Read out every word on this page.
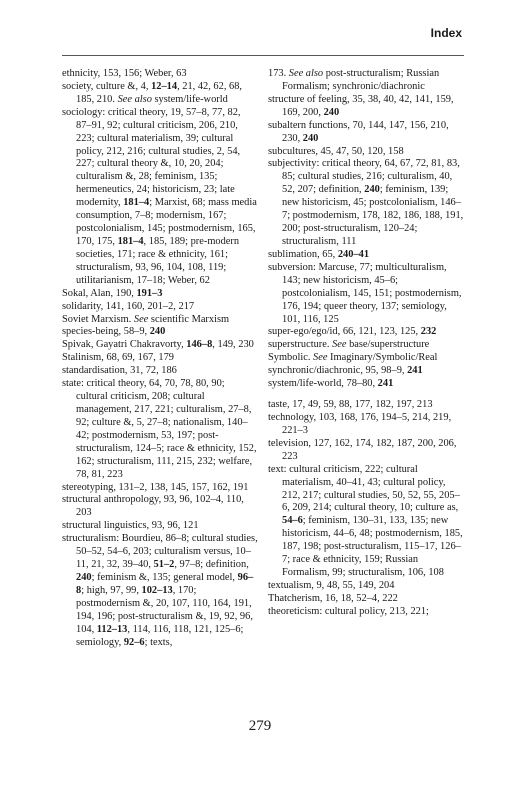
Index
ethnicity, 153, 156; Weber, 63
society, culture &, 4, 12–14, 21, 42, 62, 68, 185, 210. See also system/life-world
sociology: critical theory, 19, 57–8, 77, 82, 87–91, 92; cultural criticism, 206, 210, 223; cultural materialism, 39; cultural policy, 212, 216; cultural studies, 2, 54, 227; cultural theory &, 10, 20, 204; culturalism &, 28; feminism, 135; hermeneutics, 24; historicism, 23; late modernity, 181–4; Marxist, 68; mass media consumption, 7–8; modernism, 167; postcolonialism, 145; postmodernism, 165, 170, 175, 181–4, 185, 189; pre-modern societies, 171; race & ethnicity, 161; structuralism, 93, 96, 104, 108, 119; utilitarianism, 17–18; Weber, 62
Sokal, Alan, 190, 191–3
solidarity, 141, 160, 201–2, 217
Soviet Marxism. See scientific Marxism
species-being, 58–9, 240
Spivak, Gayatri Chakravorty, 146–8, 149, 230
Stalinism, 68, 69, 167, 179
standardisation, 31, 72, 186
state: critical theory, 64, 70, 78, 80, 90; cultural criticism, 208; cultural management, 217, 221; culturalism, 27–8, 92; culture &, 5, 27–8; nationalism, 140–42; postmodernism, 53, 197; post-structuralism, 124–5; race & ethnicity, 152, 162; structuralism, 111, 215, 232; welfare, 78, 81, 223
stereotyping, 131–2, 138, 145, 157, 162, 191
structural anthropology, 93, 96, 102–4, 110, 203
structural linguistics, 93, 96, 121
structuralism: Bourdieu, 86–8; cultural studies, 50–52, 54–6, 203; culturalism versus, 10–11, 21, 32, 39–40, 51–2, 97–8; definition, 240; feminism &, 135; general model, 96–8; high, 97, 99, 102–13, 170; postmodernism &, 20, 107, 110, 164, 191, 194, 196; post-structuralism &, 19, 92, 96, 104, 112–13, 114, 116, 118, 121, 125–6; semiology, 92–6; texts,
173. See also post-structuralism; Russian Formalism; synchronic/diachronic
structure of feeling, 35, 38, 40, 42, 141, 159, 169, 200, 240
subaltern functions, 70, 144, 147, 156, 210, 230, 240
subcultures, 45, 47, 50, 120, 158
subjectivity: critical theory, 64, 67, 72, 81, 83, 85; cultural studies, 216; culturalism, 40, 52, 207; definition, 240; feminism, 139; new historicism, 45; postcolonialism, 146–7; postmodernism, 178, 182, 186, 188, 191, 200; post-structuralism, 120–24; structuralism, 111
sublimation, 65, 240–41
subversion: Marcuse, 77; multiculturalism, 143; new historicism, 45–6; postcolonialism, 145, 151; postmodernism, 176, 194; queer theory, 137; semiology, 101, 116, 125
super-ego/ego/id, 66, 121, 123, 125, 232
superstructure. See base/superstructure
Symbolic. See Imaginary/Symbolic/Real
synchronic/diachronic, 95, 98–9, 241
system/life-world, 78–80, 241
taste, 17, 49, 59, 88, 177, 182, 197, 213
technology, 103, 168, 176, 194–5, 214, 219, 221–3
television, 127, 162, 174, 182, 187, 200, 206, 223
text: cultural criticism, 222; cultural materialism, 40–41, 43; cultural policy, 212, 217; cultural studies, 50, 52, 55, 205–6, 209, 214; cultural theory, 10; culture as, 54–6; feminism, 130–31, 133, 135; new historicism, 44–6, 48; postmodernism, 185, 187, 198; post-structuralism, 115–17, 126–7; race & ethnicity, 159; Russian Formalism, 99; structuralism, 106, 108
textualism, 9, 48, 55, 149, 204
Thatcherism, 16, 18, 52–4, 222
theoreticism: cultural policy, 213, 221;
279
